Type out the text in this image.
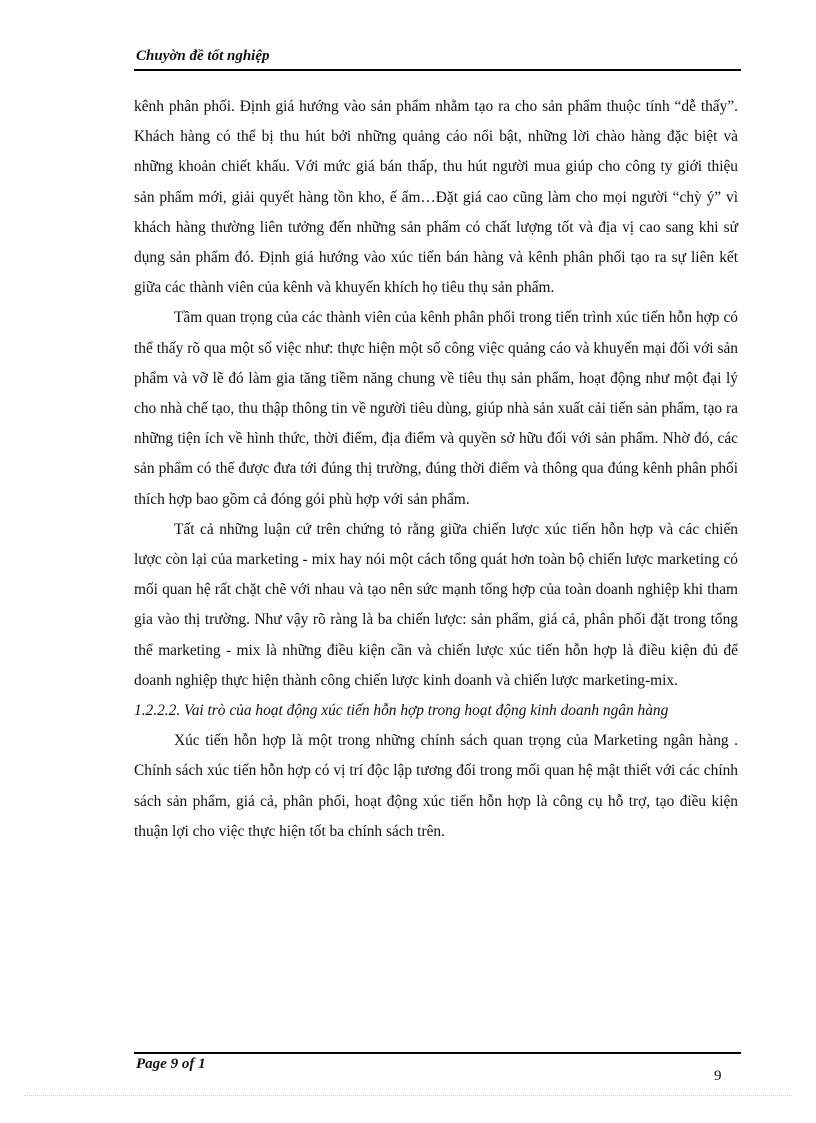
Chuyờn đề tốt nghiệp

kênh phân phối. Định giá hướng vào sản phẩm nhằm tạo ra cho sản phẩm thuộc tính “dễ thấy”. Khách hàng có thể bị thu hút bởi những quảng cáo nổi bật, những lời chào hàng đặc biệt và những khoản chiết khấu. Với mức giá bán thấp, thu hút người mua giúp cho công ty giới thiệu sản phẩm mới, giải quyết hàng tồn kho, ế ẩm…Đặt giá cao cũng làm cho mọi người “chỳ ý” vì khách hàng thường liên tưởng đến những sản phẩm có chất lượng tốt và địa vị cao sang khi sử dụng sản phẩm đó. Định giá hướng vào xúc tiến bán hàng và kênh phân phối tạo ra sự liên kết giữa các thành viên của kênh và khuyến khích họ tiêu thụ sản phẩm.

Tầm quan trọng của các thành viên của kênh phân phối trong tiến trình xúc tiến hỗn hợp có thể thấy rõ qua một số việc như: thực hiện một số công việc quảng cáo và khuyến mại đối với sản phẩm và vỡ lẽ đó làm gia tăng tiềm năng chung về tiêu thụ sản phẩm, hoạt động như một đại lý cho nhà chế tạo, thu thập thông tin về người tiêu dùng, giúp nhà sản xuất cải tiến sản phẩm, tạo ra những tiện ích về hình thức, thời điểm, địa điểm và quyền sở hữu đối với sản phẩm. Nhờ đó, các sản phẩm có thể được đưa tới đúng thị trường, đúng thời điểm và thông qua đúng kênh phân phối thích hợp bao gồm cả đóng gói phù hợp với sản phẩm.

Tất cả những luận cứ trên chứng tỏ rằng giữa chiến lược xúc tiến hỗn hợp và các chiến lược còn lại của marketing - mix hay nói một cách tổng quát hơn toàn bộ chiến lược marketing có mối quan hệ rất chặt chẽ với nhau và tạo nên sức mạnh tổng hợp của toàn doanh nghiệp khi tham gia vào thị trường. Như vậy rõ ràng là ba chiến lược: sản phẩm, giá cả, phân phối đặt trong tổng thể marketing - mix là những điều kiện cần và chiến lược xúc tiến hỗn hợp là điều kiện đủ để doanh nghiệp thực hiện thành công chiến lược kinh doanh và chiến lược marketing-mix.

1.2.2.2. Vai trò của hoạt động xúc tiến hỗn hợp trong hoạt động kinh doanh ngân hàng

Xúc tiến hỗn hợp là một trong những chính sách quan trọng của Marketing ngân hàng . Chính sách xúc tiến hỗn hợp có vị trí độc lập tương đối trong mối quan hệ mật thiết với các chính sách sản phẩm, giá cả, phân phối, hoạt động xúc tiến hỗn hợp là công cụ hỗ trợ, tạo điều kiện thuận lợi cho việc thực hiện tốt ba chính sách trên.

Page 9 of 1
9
